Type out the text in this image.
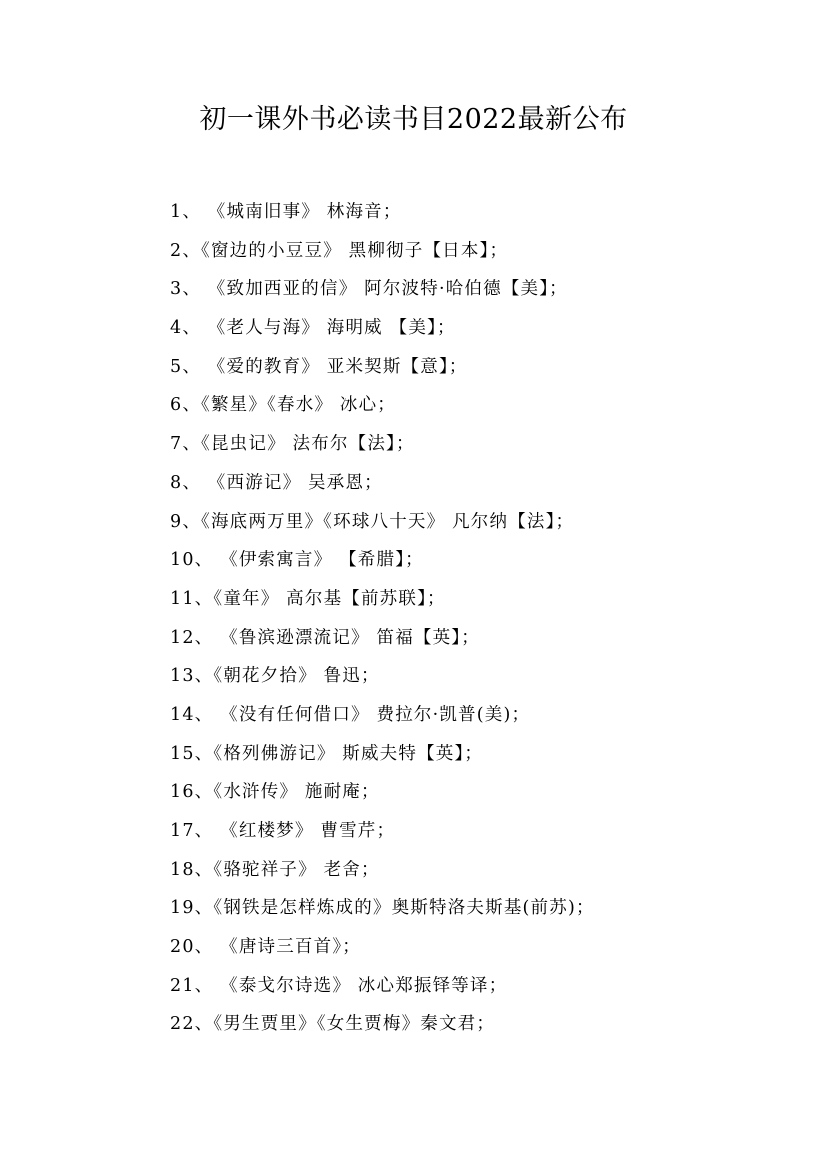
初一课外书必读书目2022最新公布
1、 《城南旧事》 林海音；
2、《窗边的小豆豆》 黑柳彻子【日本】；
3、 《致加西亚的信》 阿尔波特·哈伯德【美】；
4、 《老人与海》 海明威 【美】；
5、 《爱的教育》 亚米契斯【意】；
6、《繁星》《春水》 冰心；
7、《昆虫记》 法布尔【法】；
8、 《西游记》 吴承恩；
9、《海底两万里》《环球八十天》 凡尔纳【法】；
10、 《伊索寓言》 【希腊】；
11、《童年》 高尔基【前苏联】；
12、 《鲁滨逊漂流记》 笛福【英】；
13、《朝花夕拾》 鲁迅；
14、 《没有任何借口》 费拉尔·凯普(美)；
15、《格列佛游记》 斯威夫特【英】；
16、《水浒传》 施耐庵；
17、 《红楼梦》 曹雪芹；
18、《骆驼祥子》 老舍；
19、《钢铁是怎样炼成的》奥斯特洛夫斯基(前苏)；
20、 《唐诗三百首》；
21、 《泰戈尔诗选》 冰心郑振铎等译；
22、《男生贾里》《女生贾梅》秦文君；
